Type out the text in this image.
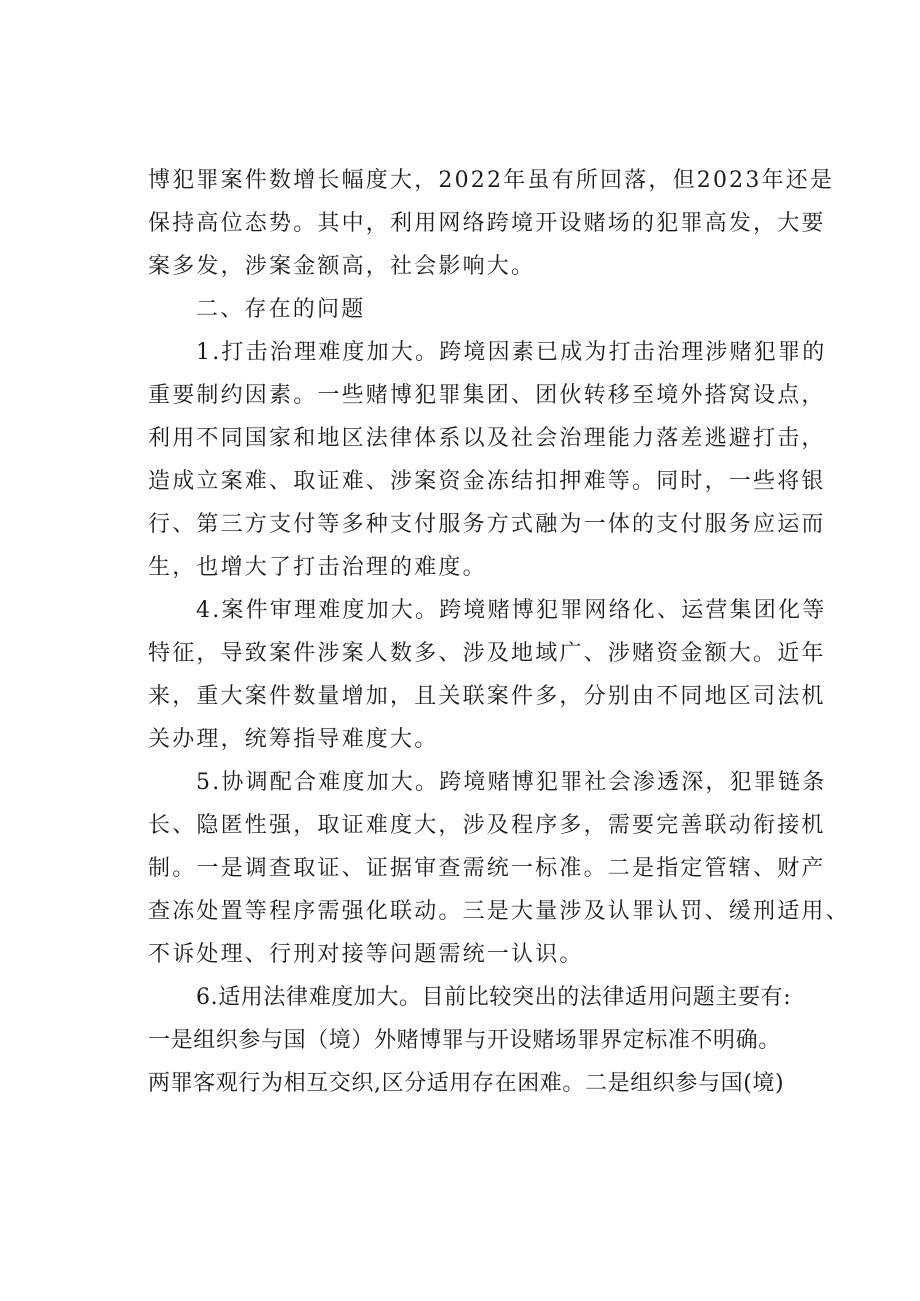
博犯罪案件数增长幅度大，2022年虽有所回落，但2023年还是
保持高位态势。其中，利用网络跨境开设赌场的犯罪高发，大要
案多发，涉案金额高，社会影响大。
二、存在的问题
1.打击治理难度加大。跨境因素已成为打击治理涉赌犯罪的
重要制约因素。一些赌博犯罪集团、团伙转移至境外搭窝设点，
利用不同国家和地区法律体系以及社会治理能力落差逃避打击，
造成立案难、取证难、涉案资金冻结扣押难等。同时，一些将银
行、第三方支付等多种支付服务方式融为一体的支付服务应运而
生，也增大了打击治理的难度。
4.案件审理难度加大。跨境赌博犯罪网络化、运营集团化等
特征，导致案件涉案人数多、涉及地域广、涉赌资金额大。近年
来，重大案件数量增加，且关联案件多，分别由不同地区司法机
关办理，统筹指导难度大。
5.协调配合难度加大。跨境赌博犯罪社会渗透深，犯罪链条
长、隐匿性强，取证难度大，涉及程序多，需要完善联动衔接机
制。一是调查取证、证据审查需统一标准。二是指定管辖、财产
查冻处置等程序需强化联动。三是大量涉及认罪认罚、缓刑适用、
不诉处理、行刑对接等问题需统一认识。
6.适用法律难度加大。目前比较突出的法律适用问题主要有:
一是组织参与国（境）外赌博罪与开设赌场罪界定标准不明确。
两罪客观行为相互交织,区分适用存在困难。二是组织参与国(境)
